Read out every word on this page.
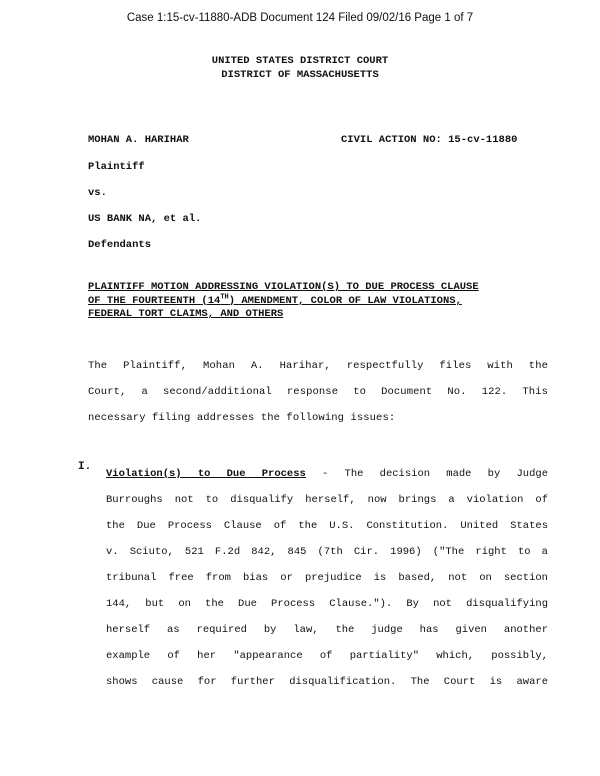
Case 1:15-cv-11880-ADB Document 124 Filed 09/02/16 Page 1 of 7
UNITED STATES DISTRICT COURT
DISTRICT OF MASSACHUSETTS
MOHAN A. HARIHAR	CIVIL ACTION NO: 15-cv-11880
Plaintiff
vs.
US BANK NA, et al.
Defendants
PLAINTIFF MOTION ADDRESSING VIOLATION(S) TO DUE PROCESS CLAUSE
OF THE FOURTEENTH (14TH) AMENDMENT, COLOR OF LAW VIOLATIONS,
FEDERAL TORT CLAIMS, AND OTHERS
The Plaintiff, Mohan A. Harihar, respectfully files with the
Court, a second/additional response to Document No. 122. This
necessary filing addresses the following issues:
I.
Violation(s) to Due Process - The decision made by Judge
Burroughs not to disqualify herself, now brings a violation of
the Due Process Clause of the U.S. Constitution. United States
v. Sciuto, 521 F.2d 842, 845 (7th Cir. 1996) ("The right to a
tribunal free from bias or prejudice is based, not on section
144, but on the Due Process Clause."). By not disqualifying
herself as required by law, the judge has given another
example of her "appearance of partiality" which, possibly,
shows cause for further disqualification. The Court is aware
